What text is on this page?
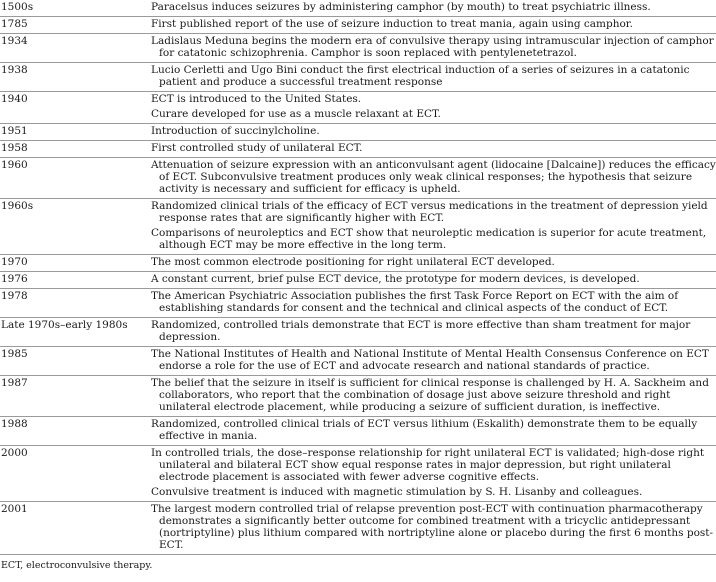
1500s	Paracelsus induces seizures by administering camphor (by mouth) to treat psychiatric illness.
1785	First published report of the use of seizure induction to treat mania, again using camphor.
1934	Ladislaus Meduna begins the modern era of convulsive therapy using intramuscular injection of camphor for catatonic schizophrenia. Camphor is soon replaced with pentylenetetrazol.
1938	Lucio Cerletti and Ugo Bini conduct the first electrical induction of a series of seizures in a catatonic patient and produce a successful treatment response
1940	ECT is introduced to the United States.
Curare developed for use as a muscle relaxant at ECT.
1951	Introduction of succinylcholine.
1958	First controlled study of unilateral ECT.
1960	Attenuation of seizure expression with an anticonvulsant agent (lidocaine [Dalcaine]) reduces the efficacy of ECT. Subconvulsive treatment produces only weak clinical responses; the hypothesis that seizure activity is necessary and sufficient for efficacy is upheld.
1960s	Randomized clinical trials of the efficacy of ECT versus medications in the treatment of depression yield response rates that are significantly higher with ECT.
Comparisons of neuroleptics and ECT show that neuroleptic medication is superior for acute treatment, although ECT may be more effective in the long term.
1970	The most common electrode positioning for right unilateral ECT developed.
1976	A constant current, brief pulse ECT device, the prototype for modern devices, is developed.
1978	The American Psychiatric Association publishes the first Task Force Report on ECT with the aim of establishing standards for consent and the technical and clinical aspects of the conduct of ECT.
Late 1970s–early 1980s	Randomized, controlled trials demonstrate that ECT is more effective than sham treatment for major depression.
1985	The National Institutes of Health and National Institute of Mental Health Consensus Conference on ECT endorse a role for the use of ECT and advocate research and national standards of practice.
1987	The belief that the seizure in itself is sufficient for clinical response is challenged by H. A. Sackheim and collaborators, who report that the combination of dosage just above seizure threshold and right unilateral electrode placement, while producing a seizure of sufficient duration, is ineffective.
1988	Randomized, controlled clinical trials of ECT versus lithium (Eskalith) demonstrate them to be equally effective in mania.
2000	In controlled trials, the dose–response relationship for right unilateral ECT is validated; high-dose right unilateral and bilateral ECT show equal response rates in major depression, but right unilateral electrode placement is associated with fewer adverse cognitive effects.
Convulsive treatment is induced with magnetic stimulation by S. H. Lisanby and colleagues.
2001	The largest modern controlled trial of relapse prevention post-ECT with continuation pharmacotherapy demonstrates a significantly better outcome for combined treatment with a tricyclic antidepressant (nortriptyline) plus lithium compared with nortriptyline alone or placebo during the first 6 months post-ECT.
ECT, electroconvulsive therapy.
